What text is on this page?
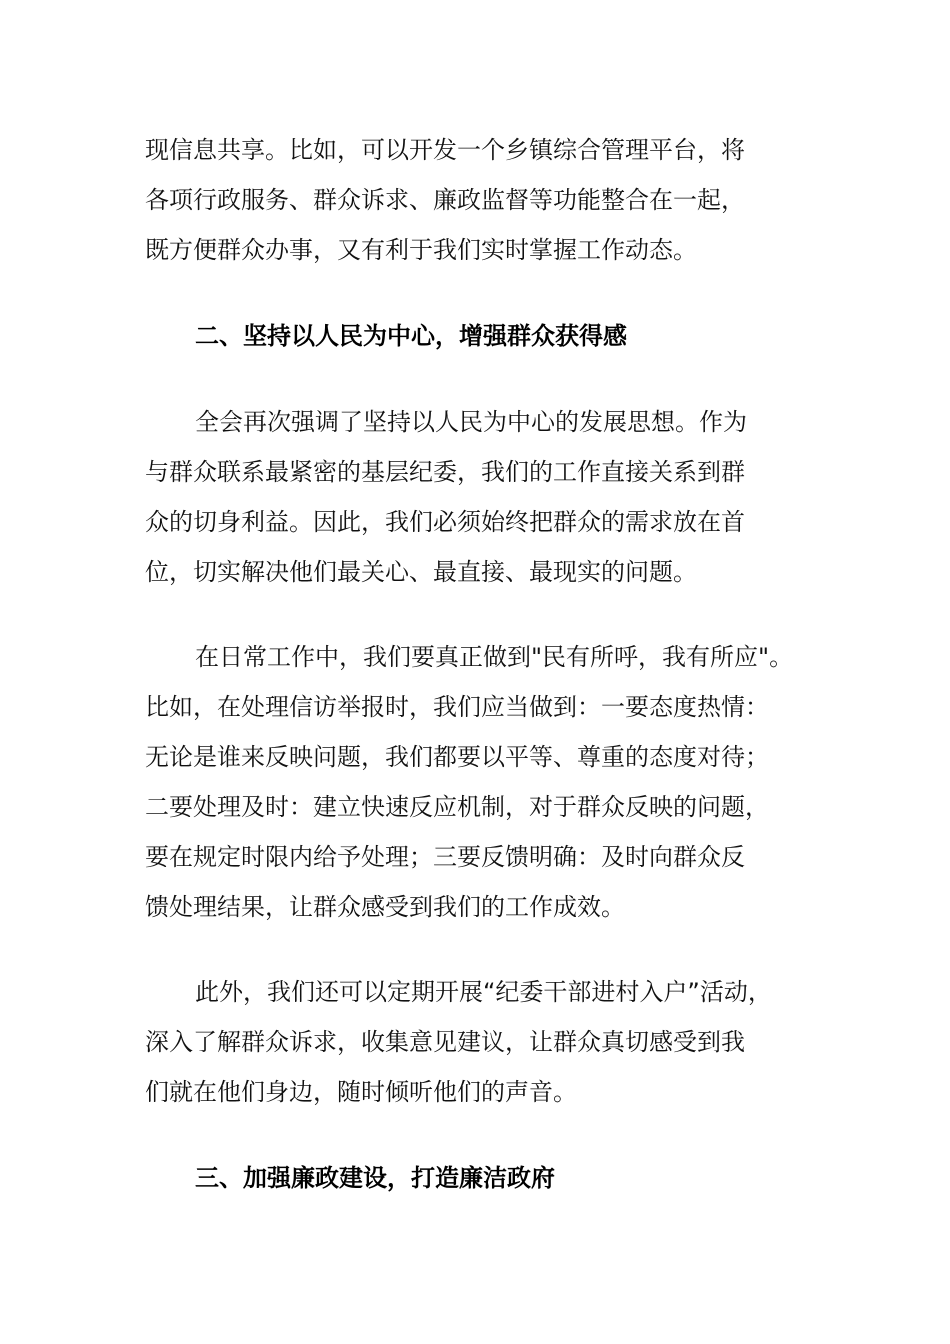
现信息共享。比如，可以开发一个乡镇综合管理平台，将

各项行政服务、群众诉求、廉政监督等功能整合在一起，

既方便群众办事，又有利于我们实时掌握工作动态。

二、坚持以人民为中心，增强群众获得感

全会再次强调了坚持以人民为中心的发展思想。作为

与群众联系最紧密的基层纪委，我们的工作直接关系到群

众的切身利益。因此，我们必须始终把群众的需求放在首

位，切实解决他们最关心、最直接、最现实的问题。

在日常工作中，我们要真正做到"民有所呼，我有所应"。

比如，在处理信访举报时，我们应当做到：一要态度热情：

无论是谁来反映问题，我们都要以平等、尊重的态度对待；

二要处理及时：建立快速反应机制，对于群众反映的问题，

要在规定时限内给予处理；三要反馈明确：及时向群众反

馈处理结果，让群众感受到我们的工作成效。

此外，我们还可以定期开展“纪委干部进村入户”活动，

深入了解群众诉求，收集意见建议，让群众真切感受到我

们就在他们身边，随时倾听他们的声音。

三、加强廉政建设，打造廉洁政府
